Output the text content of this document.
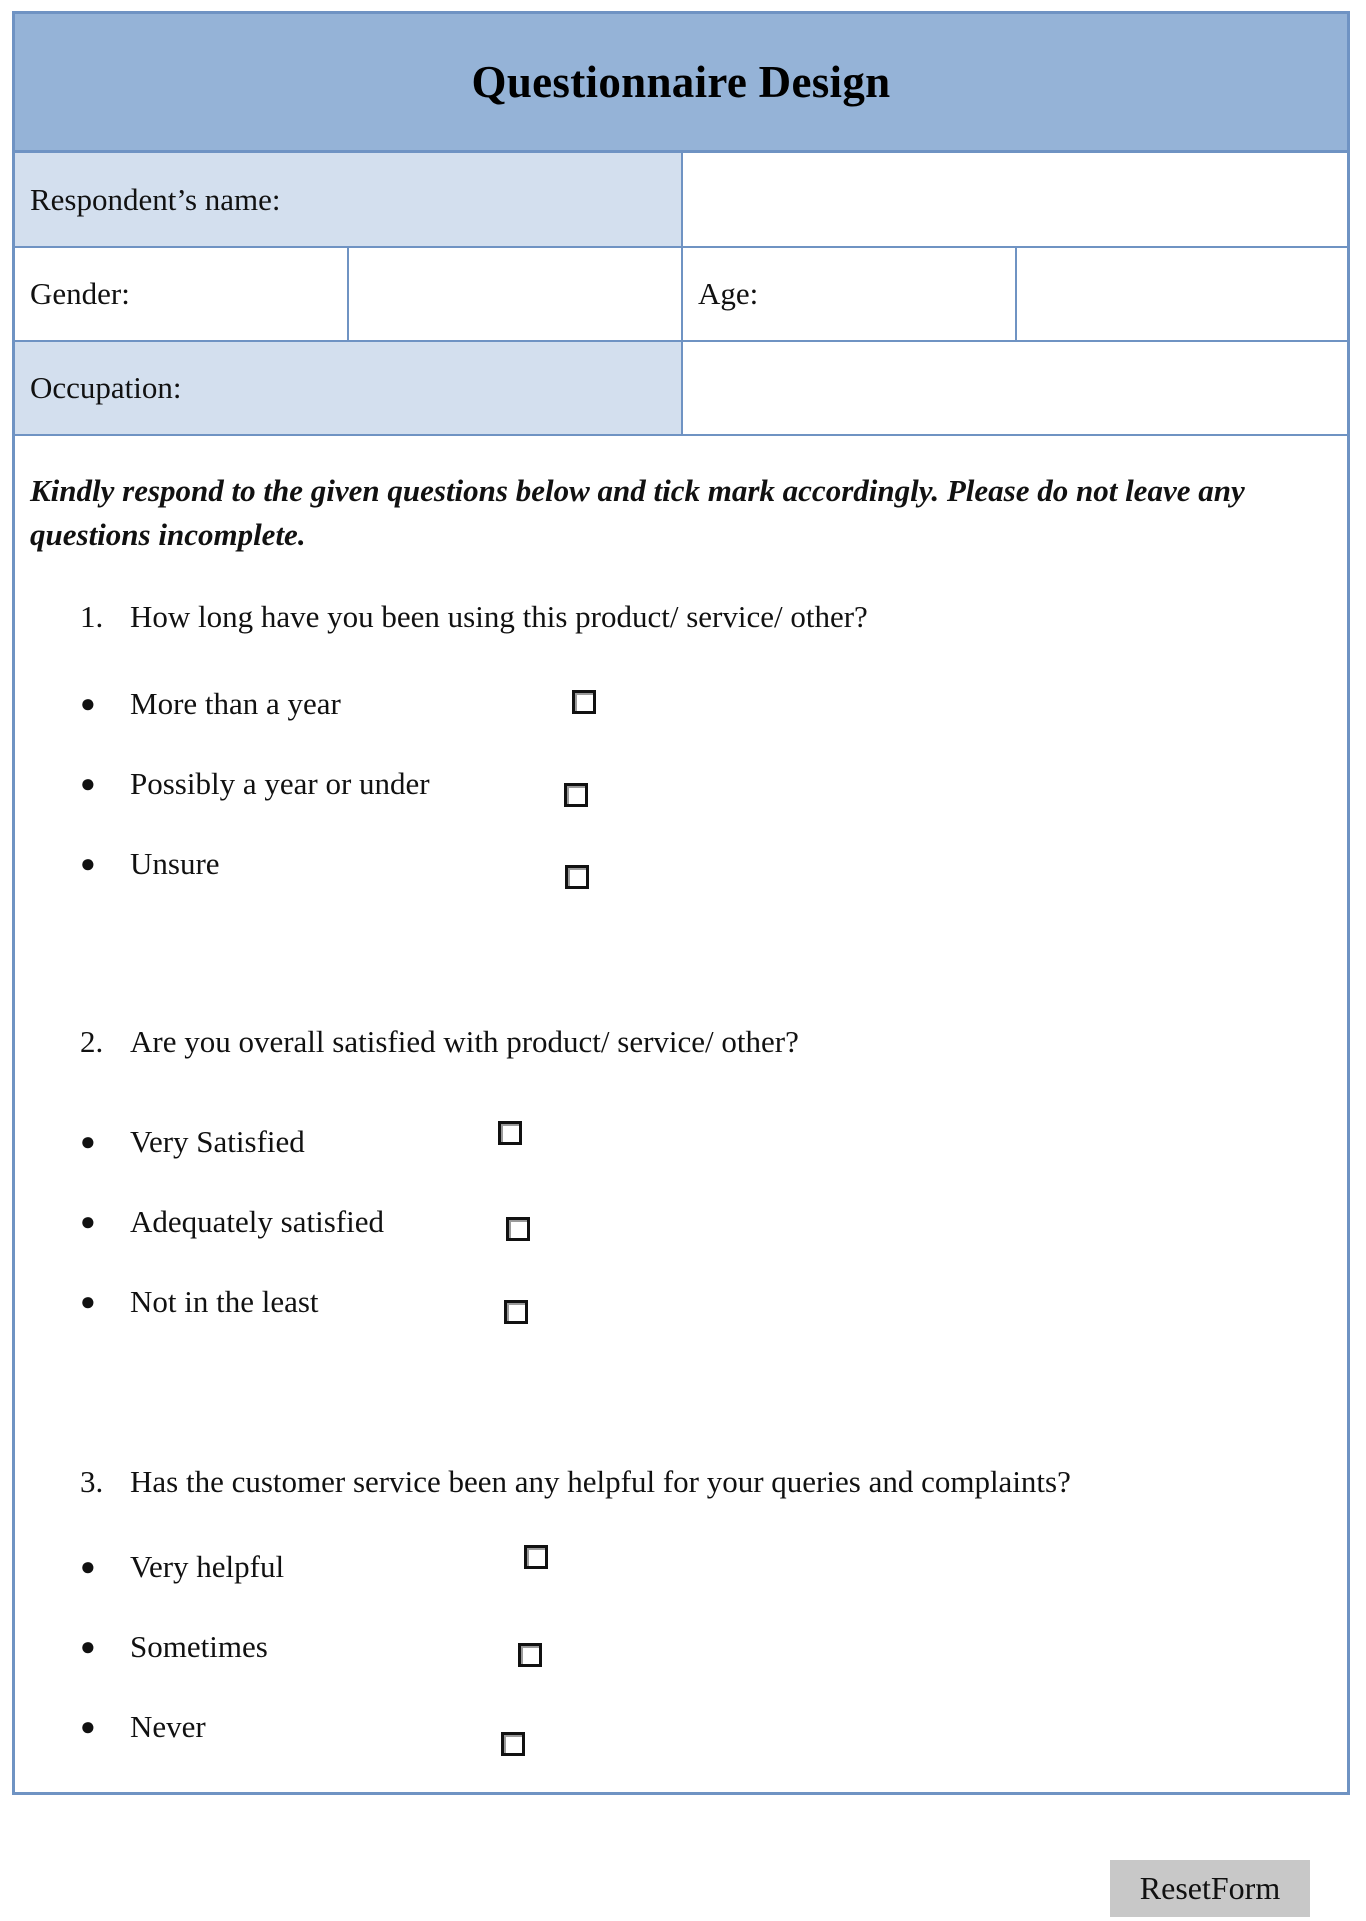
Questionnaire Design
Respondent’s name:
Gender:	Age:
Occupation:
Kindly respond to the given questions below and tick mark accordingly. Please do not leave any questions incomplete.
1. How long have you been using this product/ service/ other?
●	More than a year
●	Possibly a year or under
●	Unsure
2. Are you overall satisfied with product/ service/ other?
●	Very Satisfied
●	Adequately satisfied
●	Not in the least
3. Has the customer service been any helpful for your queries and complaints?
●	Very helpful
●	Sometimes
●	Never
ResetForm
